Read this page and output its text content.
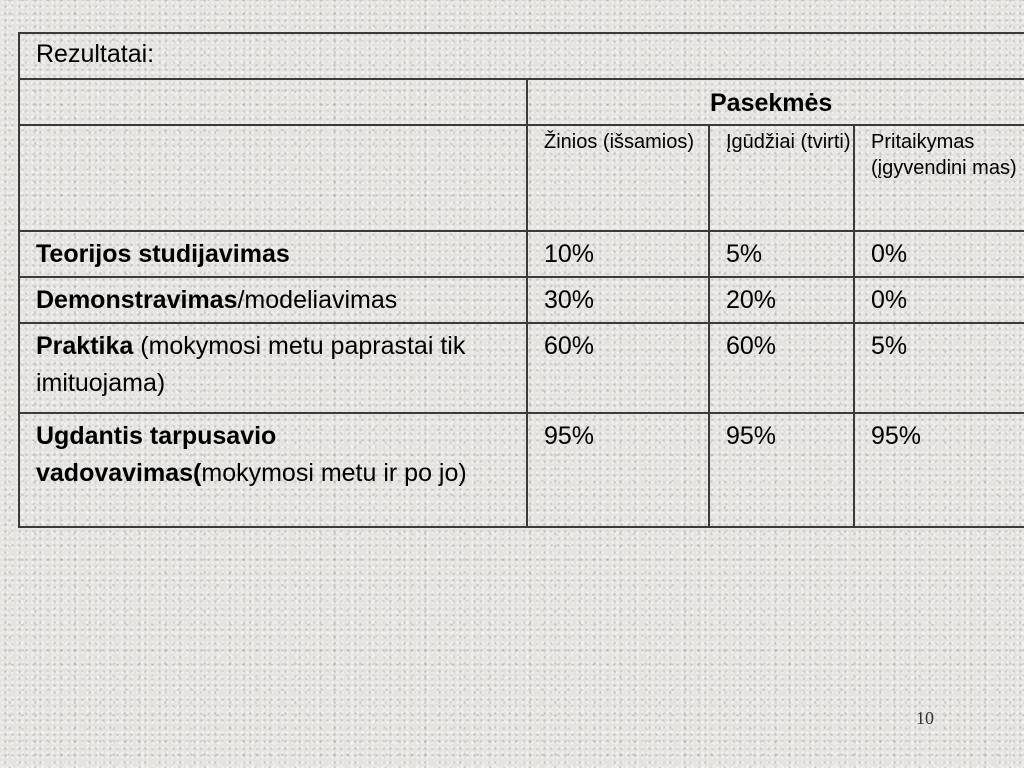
Rezultatai:			

	Pasekmės		

	Žinios (išsamios)	Įgūdžiai (tvirti)	Pritaikymas (įgyvendini mas)

Teorijos studijavimas	10%	5%	0%

Demonstravimas/modeliavimas	30%	20%	0%

Praktika (mokymosi metu paprastai tik imituojama)	60%	60%	5%

Ugdantis tarpusavio vadovavimas(mokymosi metu ir po jo)	95%	95%	95%
10
